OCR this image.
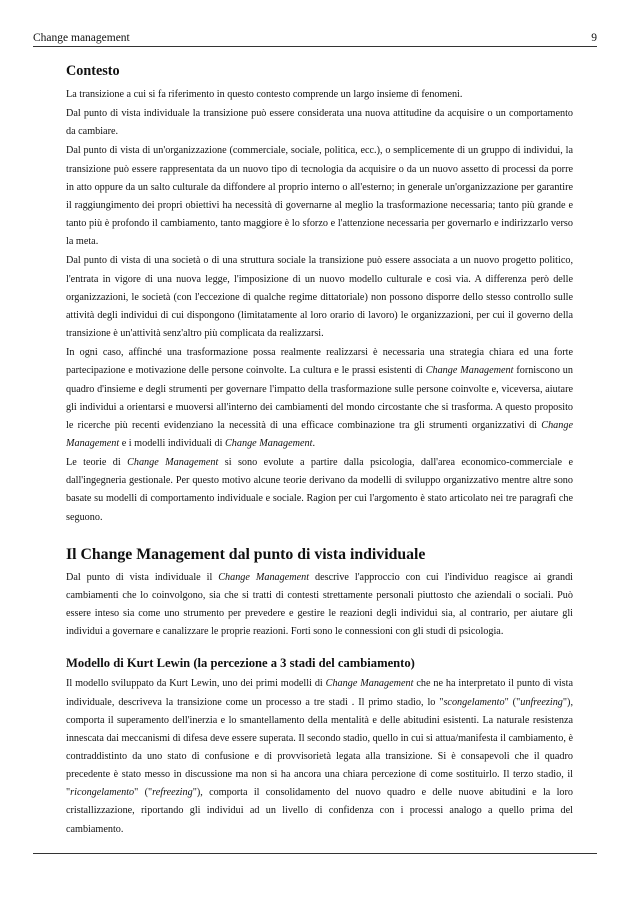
Change management	9
Contesto

La transizione a cui si fa riferimento in questo contesto comprende un largo insieme di fenomeni.

Dal punto di vista individuale la transizione può essere considerata una nuova attitudine da acquisire o un comportamento da cambiare.

Dal punto di vista di un'organizzazione (commerciale, sociale, politica, ecc.), o semplicemente di un gruppo di individui, la transizione può essere rappresentata da un nuovo tipo di tecnologia da acquisire o da un nuovo assetto di processi da porre in atto oppure da un salto culturale da diffondere al proprio interno o all'esterno; in generale un'organizzazione per garantire il raggiungimento dei propri obiettivi ha necessità di governarne al meglio la trasformazione necessaria; tanto più grande e tanto più è profondo il cambiamento, tanto maggiore è lo sforzo e l'attenzione necessaria per governarlo e indirizzarlo verso la meta.

Dal punto di vista di una società o di una struttura sociale la transizione può essere associata a un nuovo progetto politico, l'entrata in vigore di una nuova legge, l'imposizione di un nuovo modello culturale e così via. A differenza però delle organizzazioni, le società (con l'eccezione di qualche regime dittatoriale) non possono disporre dello stesso controllo sulle attività degli individui di cui dispongono (limitatamente al loro orario di lavoro) le organizzazioni, per cui il governo della transizione è un'attività senz'altro più complicata da realizzarsi.

In ogni caso, affinché una trasformazione possa realmente realizzarsi è necessaria una strategia chiara ed una forte partecipazione e motivazione delle persone coinvolte. La cultura e le prassi esistenti di Change Management forniscono un quadro d'insieme e degli strumenti per governare l'impatto della trasformazione sulle persone coinvolte e, viceversa, aiutare gli individui a orientarsi e muoversi all'interno dei cambiamenti del mondo circostante che si trasforma. A questo proposito le ricerche più recenti evidenziano la necessità di una efficace combinazione tra gli strumenti organizzativi di Change Management e i modelli individuali di Change Management.

Le teorie di Change Management si sono evolute a partire dalla psicologia, dall'area economico-commerciale e dall'ingegneria gestionale. Per questo motivo alcune teorie derivano da modelli di sviluppo organizzativo mentre altre sono basate su modelli di comportamento individuale e sociale. Ragion per cui l'argomento è stato articolato nei tre paragrafi che seguono.

Il Change Management dal punto di vista individuale

Dal punto di vista individuale il Change Management descrive l'approccio con cui l'individuo reagisce ai grandi cambiamenti che lo coinvolgono, sia che si tratti di contesti strettamente personali piuttosto che aziendali o sociali. Può essere inteso sia come uno strumento per prevedere e gestire le reazioni degli individui sia, al contrario, per aiutare gli individui a governare e canalizzare le proprie reazioni. Forti sono le connessioni con gli studi di psicologia.

Modello di Kurt Lewin (la percezione a 3 stadi del cambiamento)

Il modello sviluppato da Kurt Lewin, uno dei primi modelli di Change Management che ne ha interpretato il punto di vista individuale, descriveva la transizione come un processo a tre stadi . Il primo stadio, lo "scongelamento" ("unfreezing"), comporta il superamento dell'inerzia e lo smantellamento della mentalità e delle abitudini esistenti. La naturale resistenza innescata dai meccanismi di difesa deve essere superata. Il secondo stadio, quello in cui si attua/manifesta il cambiamento, è contraddistinto da uno stato di confusione e di provvisorietà legata alla transizione. Si è consapevoli che il quadro precedente è stato messo in discussione ma non si ha ancora una chiara percezione di come sostituirlo. Il terzo stadio, il "ricongelamento" ("refreezing"), comporta il consolidamento del nuovo quadro e delle nuove abitudini e la loro cristallizzazione, riportando gli individui ad un livello di confidenza con i processi analogo a quello prima del cambiamento.
